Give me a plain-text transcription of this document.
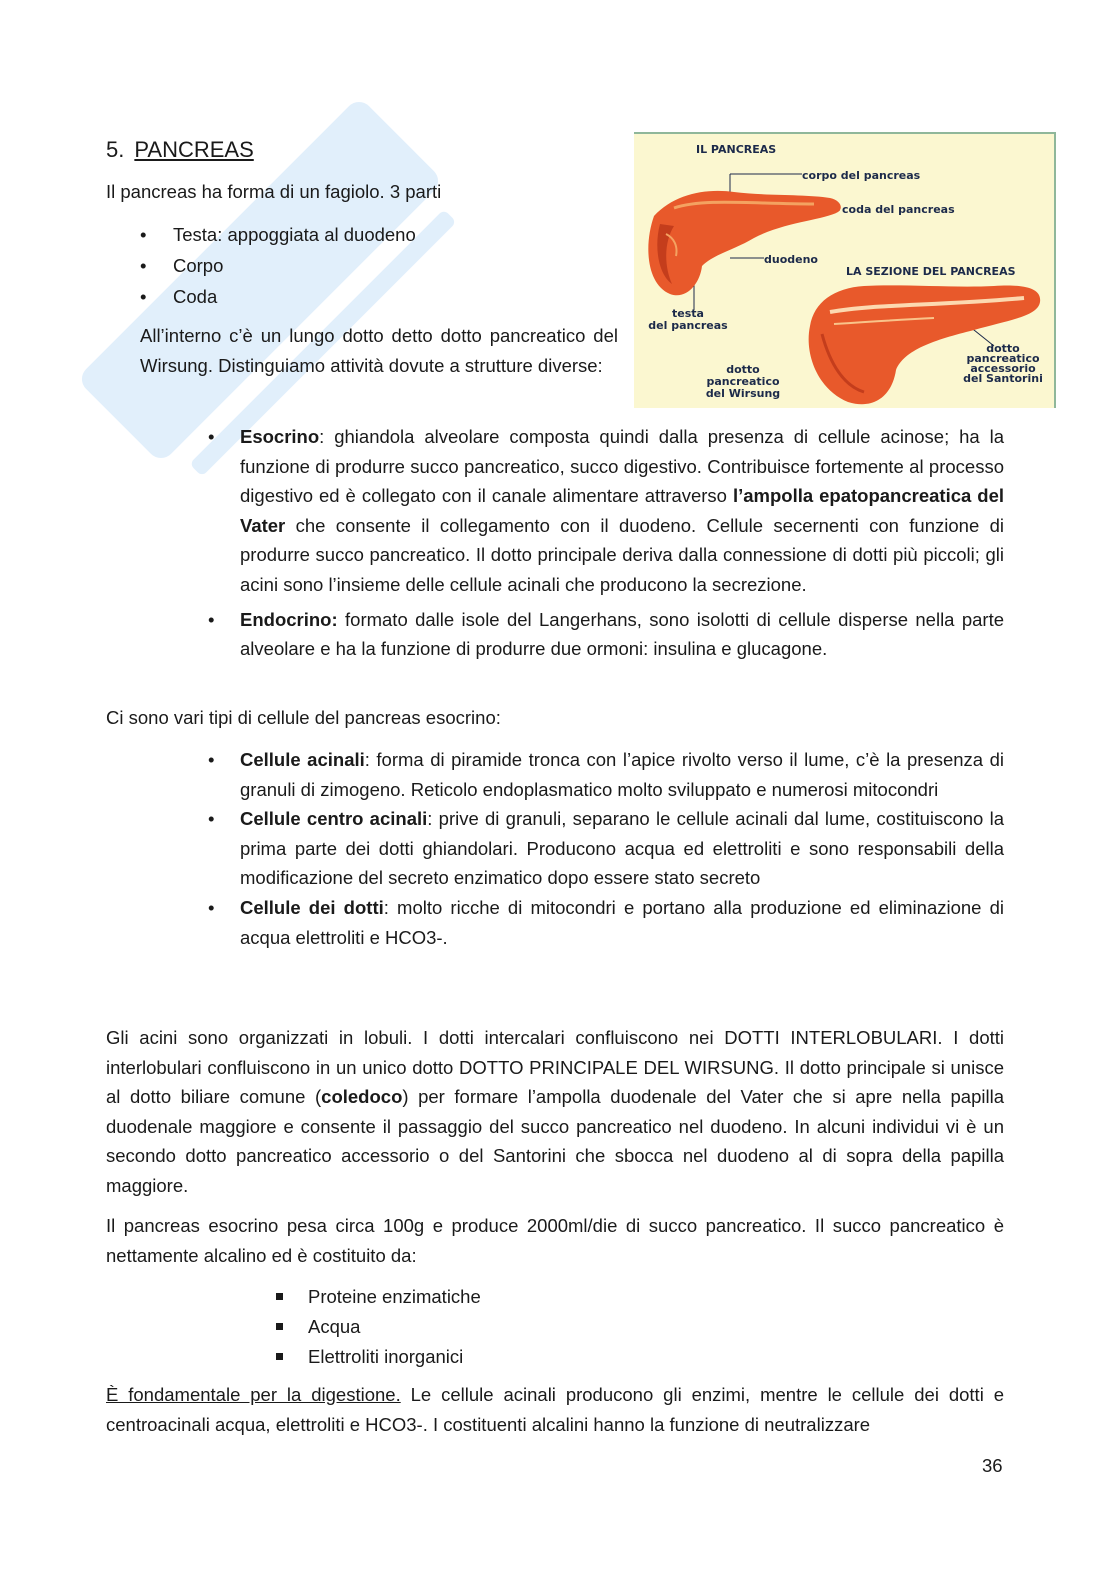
5. PANCREAS

Il pancreas ha forma di un fagiolo. 3 parti

• Testa: appoggiata al duodeno
• Corpo
• Coda

All’interno c’è un lungo dotto detto dotto pancreatico del Wirsung. Distinguiamo attività dovute a strutture diverse:

IL PANCREAS
corpo del pancreas
coda del pancreas
duodeno
LA SEZIONE DEL PANCREAS
testa
del pancreas
dotto pancreatico
del Wirsung
dotto
pancreatico
accessorio
del Santorini
• Esocrino: ghiandola alveolare composta quindi dalla presenza di cellule acinose; ha la funzione di produrre succo pancreatico, succo digestivo. Contribuisce fortemente al processo digestivo ed è collegato con il canale alimentare attraverso l’ampolla epatopancreatica del Vater che consente il collegamento con il duodeno. Cellule secernenti con funzione di produrre succo pancreatico. Il dotto principale deriva dalla connessione di dotti più piccoli; gli acini sono l’insieme delle cellule acinali che producono la secrezione.

• Endocrino: formato dalle isole del Langerhans, sono isolotti di cellule disperse nella parte alveolare e ha la funzione di produrre due ormoni: insulina e glucagone.

Ci sono vari tipi di cellule del pancreas esocrino:

• Cellule acinali: forma di piramide tronca con l’apice rivolto verso il lume, c’è la presenza di granuli di zimogeno. Reticolo endoplasmatico molto sviluppato e numerosi mitocondri

• Cellule centro acinali: prive di granuli, separano le cellule acinali dal lume, costituiscono la prima parte dei dotti ghiandolari. Producono acqua ed elettroliti e sono responsabili della modificazione del secreto enzimatico dopo essere stato secreto

• Cellule dei dotti: molto ricche di mitocondri e portano alla produzione ed eliminazione di acqua elettroliti e HCO3-.

Gli acini sono organizzati in lobuli. I dotti intercalari confluiscono nei DOTTI INTERLOBULARI. I dotti interlobulari confluiscono in un unico dotto DOTTO PRINCIPALE DEL WIRSUNG. Il dotto principale si unisce al dotto biliare comune (coledoco) per formare l’ampolla duodenale del Vater che si apre nella papilla duodenale maggiore e consente il passaggio del succo pancreatico nel duodeno. In alcuni individui vi è un secondo dotto pancreatico accessorio o del Santorini che sbocca nel duodeno al di sopra della papilla maggiore.

Il pancreas esocrino pesa circa 100g e produce 2000ml/die di succo pancreatico. Il succo pancreatico è nettamente alcalino ed è costituito da:

Proteine enzimatiche
Acqua
Elettroliti inorganici

È fondamentale per la digestione. Le cellule acinali producono gli enzimi, mentre le cellule dei dotti e centroacinali acqua, elettroliti e HCO3-. I costituenti alcalini hanno la funzione di neutralizzare

36
